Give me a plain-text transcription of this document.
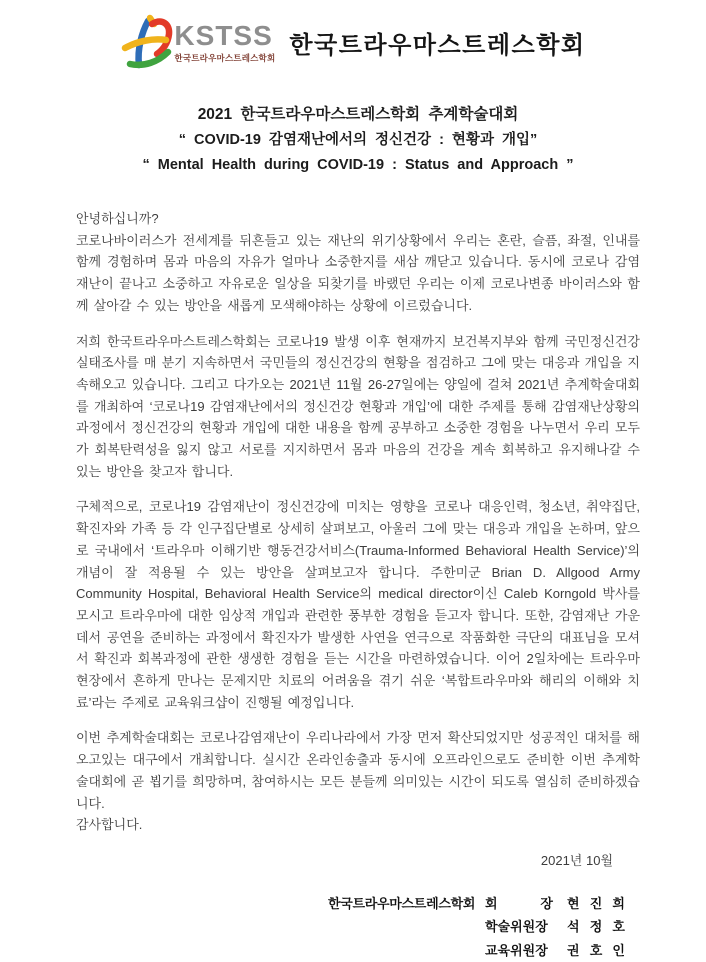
KSTSS
한국트라우마스트레스학회 한국트라우마스트레스학회
2021 한국트라우마스트레스학회 추계학술대회
“ COVID-19 감염재난에서의 정신건강 : 현황과 개입”
“ Mental Health during COVID-19 : Status and Approach ”
안녕하십니까?

코로나바이러스가 전세계를 뒤흔들고 있는 재난의 위기상황에서 우리는 혼란, 슬픔, 좌절, 인내를 함께 경험하며 몸과 마음의 자유가 얼마나 소중한지를 새삼 깨닫고 있습니다. 동시에 코로나 감염재난이 끝나고 소중하고 자유로운 일상을 되찾기를 바랬던 우리는 이제 코로나변종 바이러스와 함께 살아갈 수 있는 방안을 새롭게 모색해야하는 상황에 이르렀습니다.

저희 한국트라우마스트레스학회는 코로나19 발생 이후 현재까지 보건복지부와 함께 국민정신건강 실태조사를 매 분기 지속하면서 국민들의 정신건강의 현황을 점검하고 그에 맞는 대응과 개입을 지속해오고 있습니다. 그리고 다가오는 2021년 11월 26-27일에는 양일에 걸쳐 2021년 추계학술대회를 개최하여 ‘코로나19 감염재난에서의 정신건강 현황과 개입’에 대한 주제를 통해 감염재난상황의 과정에서 정신건강의 현황과 개입에 대한 내용을 함께 공부하고 소중한 경험을 나누면서 우리 모두가 회복탄력성을 잃지 않고 서로를 지지하면서 몸과 마음의 건강을 계속 회복하고 유지해나갈 수 있는 방안을 찾고자 합니다.

구체적으로, 코로나19 감염재난이 정신건강에 미치는 영향을 코로나 대응인력, 청소년, 취약집단, 확진자와 가족 등 각 인구집단별로 상세히 살펴보고, 아울러 그에 맞는 대응과 개입을 논하며, 앞으로 국내에서 ‘트라우마 이해기반 행동건강서비스(Trauma-Informed Behavioral Health Service)’의 개념이 잘 적용될 수 있는 방안을 살펴보고자 합니다. 주한미군 Brian D. Allgood Army Community Hospital, Behavioral Health Service의 medical director이신 Caleb Korngold 박사를 모시고 트라우마에 대한 임상적 개입과 관련한 풍부한 경험을 듣고자 합니다. 또한, 감염재난 가운데서 공연을 준비하는 과정에서 확진자가 발생한 사연을 연극으로 작품화한 극단의 대표님을 모셔서 확진과 회복과정에 관한 생생한 경험을 듣는 시간을 마련하였습니다. 이어 2일차에는 트라우마 현장에서 흔하게 만나는 문제지만 치료의 어려움을 겪기 쉬운 ‘복합트라우마와 해리의 이해와 치료’라는 주제로 교육워크샵이 진행될 예정입니다.

이번 추계학술대회는 코로나감염재난이 우리나라에서 가장 먼저 확산되었지만 성공적인 대처를 해오고있는 대구에서 개최합니다. 실시간 온라인송출과 동시에 오프라인으로도 준비한 이번 추계학술대회에 곧 뵙기를 희망하며, 참여하시는 모든 분들께 의미있는 시간이 되도록 열심히 준비하겠습니다.

감사합니다.
2021년 10월
한국트라우마스트레스학회 회 장 현 진 희
학술위원장	석 정 호
교육위원장	권 호 인
